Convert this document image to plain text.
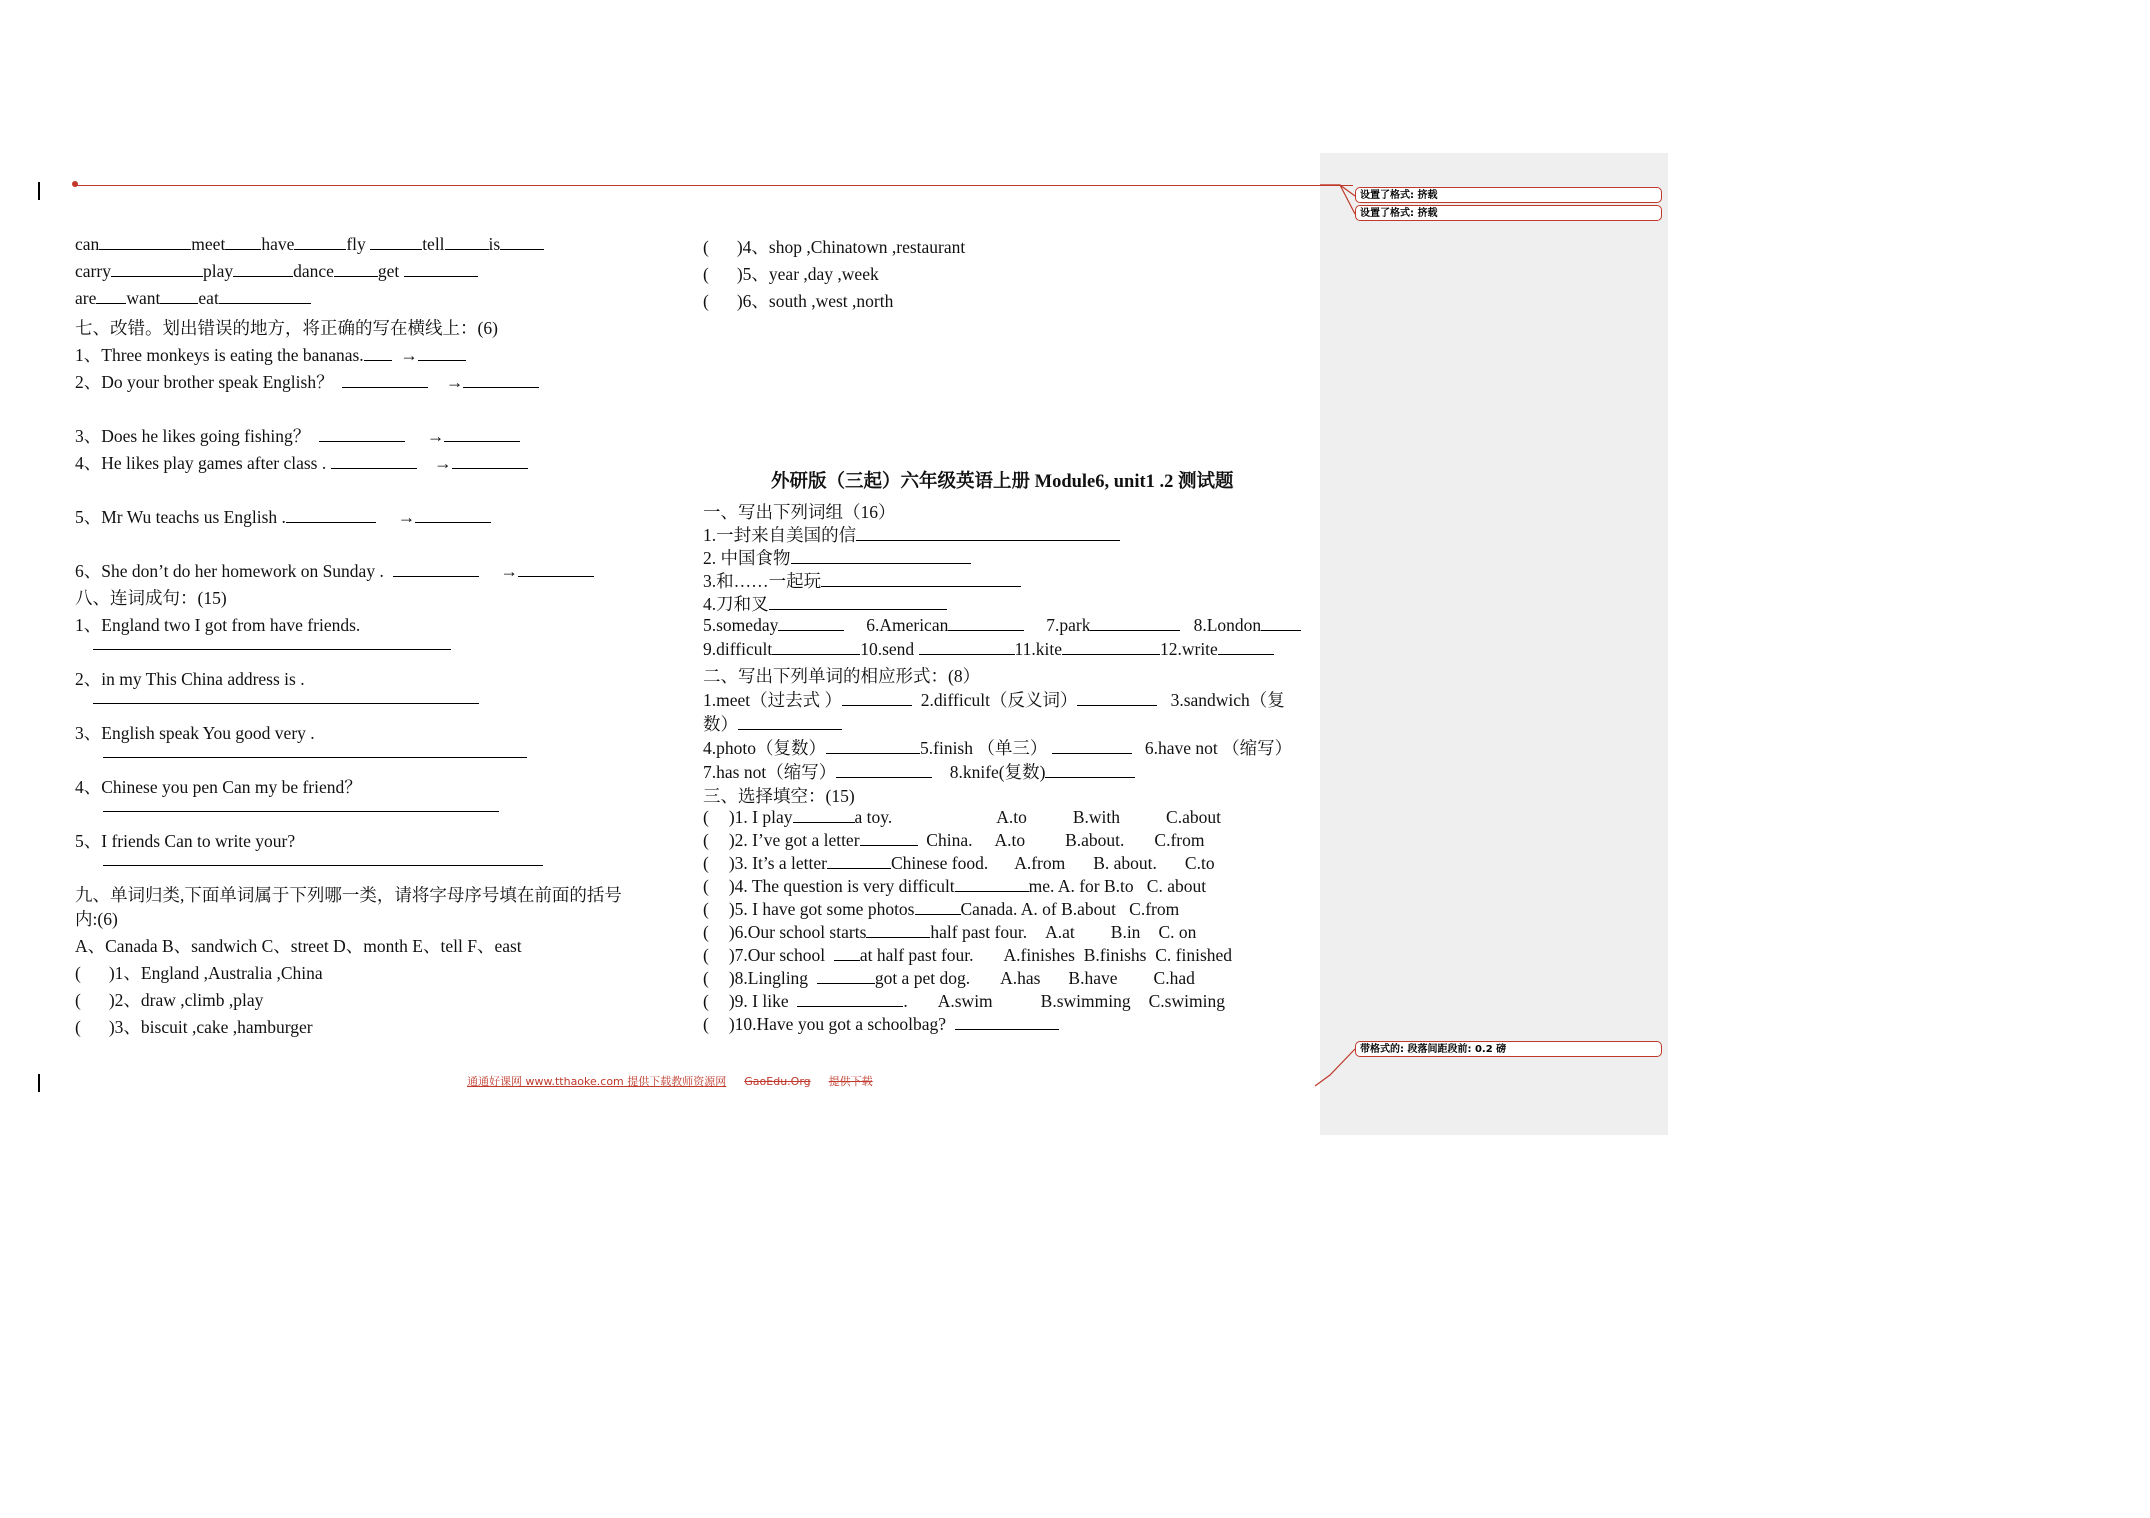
设置了格式: 挤载
设置了格式: 挤载
带格式的: 段落间距段前: 0.2 磅
can	meet have	fly	tell	is
carry	play	dance	get
are want eat
七、改错。划出错误的地方，将正确的写在横线上：(6)
1、Three monkeys is eating the bananas. →
2、Do your brother speak English？	→
3、Does he likes going fishing？	→
4、He likes play games after class .	→
5、Mr Wu teachs us English .	→
6、She don’t do her homework on Sunday .	→
八、连词成句：(15)
1、England two I got from have friends.
2、in my This China address is .
3、English speak You good very .
4、Chinese you pen Can my be friend？
5、I friends Can to write your?
九、单词归类,下面单词属于下列哪一类，请将字母序号填在前面的括号
内:(6)
A、Canada B、sandwich C、street D、month E、tell F、east
( )1、England ,Australia ,China
( )2、draw ,climb ,play
( )3、biscuit ,cake ,hamburger
( )4、shop ,Chinatown ,restaurant
( )5、year ,day ,week
( )6、south ,west ,north
外研版（三起）六年级英语上册 Module6, unit1 .2 测试题
一、写出下列词组（16）
1.一封来自美国的信
2. 中国食物
3.和……一起玩
4.刀和叉
5.someday	6.American	7.park	8.London
9.difficult	10.send	11.kite	12.write
二、写出下列单词的相应形式：(8）
1.meet（过去式 ）	2.difficult（反义词）	3.sandwich（复
数）
4.photo（复数）	5.finish （单三）	6.have not （缩写）
7.has not（缩写）	8.knife(复数)
三、选择填空：(15)
( )1. I play	a toy.	A.to	B.with	C.about
( )2. I’ve got a letter	China. A.to B.about. C.from
( )3. It’s a letter	Chinese food. A.from B. about. C.to
( )4. The question is very difficult	me. A. for B.to C. about
( )5. I have got some photos	Canada. A. of B.about C.from
( )6.Our school starts	half past four. A.at B.in C. on
( )7.Our school at half past four. A.finishes B.finishs C. finished
( )8.Lingling	got a pet dog. A.has B.have C.had
( )9. I like	. A.swim	B.swimming C.swiming
( )10.Have you got a schoolbag?
通通好课网 www.tthaoke.com 提供下载教师资源网 GaoEdu.Org 提供下载
